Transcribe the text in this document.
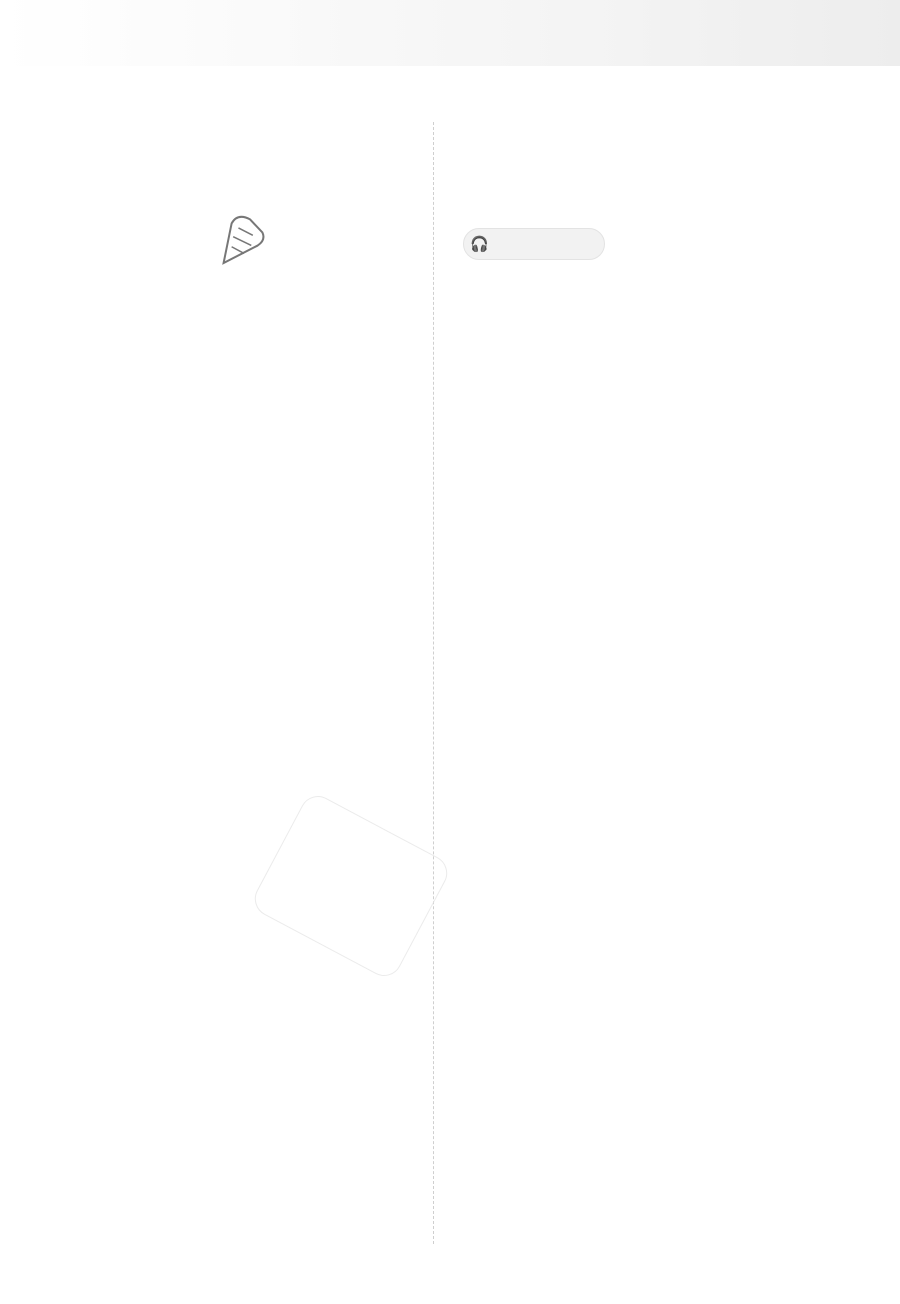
🎧
